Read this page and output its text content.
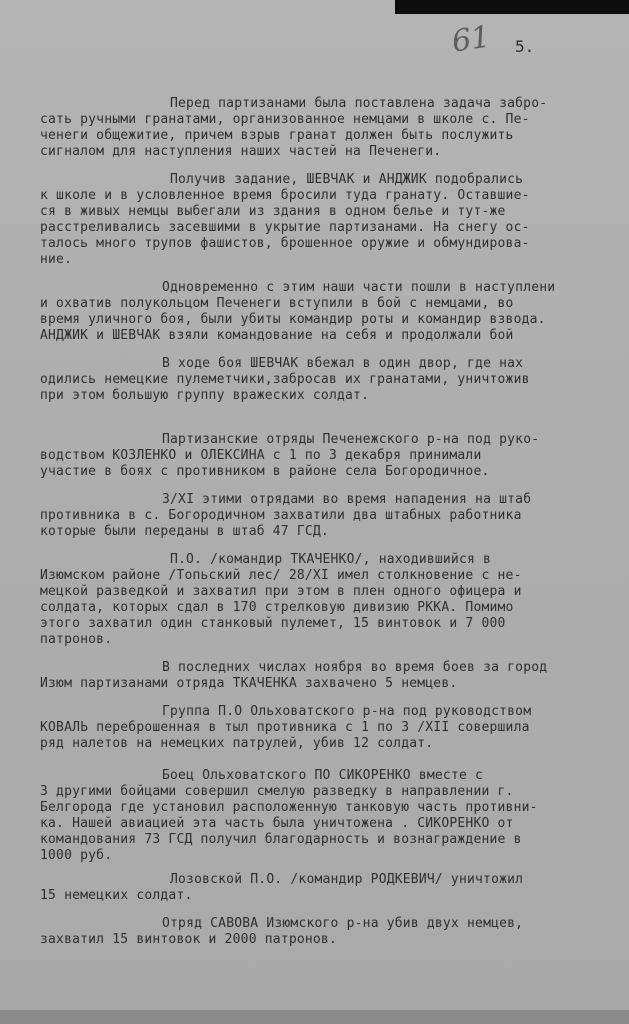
61 5.
Перед партизанами была поставлена задача забро-
сать ручными гранатами, организованное немцами в школе с. Пе-
ченеги общежитие, причем взрыв гранат должен быть послужить
сигналом для наступления наших частей на Печенеги.
Получив задание, ШЕВЧАК и АНДЖИК подобрались
к школе и в условленное время бросили туда гранату. Оставшие-
ся в живых немцы выбегали из здания в одном белье и тут-же
расстреливались засевшими в укрытие партизанами. На снегу ос-
талось много трупов фашистов, брошенное оружие и обмундирова-
ние.
Одновременно с этим наши части пошли в наступлени
и охватив полукольцом Печенеги вступили в бой с немцами, во
время уличного боя, были убиты командир роты и командир взвода.
АНДЖИК и ШЕВЧАК взяли командование на себя и продолжали бой
В ходе боя ШЕВЧАК вбежал в один двор, где нах
одились немецкие пулеметчики,забросав их гранатами, уничтожив
при этом большую группу вражеских солдат.
Партизанские отряды Печенежского р-на под руко-
водством КОЗЛЕНКО и ОЛЕКСИНА с 1 по 3 декабря принимали
участие в боях с противником в районе села Богородичное.
3/XI этими отрядами во время нападения на штаб
противника в с. Богородичном захватили два штабных работника
которые были переданы в штаб 47 ГСД.
П.О. /командир ТКАЧЕНКО/, находившийся в
Изюмском районе /Топьский лес/ 28/XI имел столкновение с не-
мецкой разведкой и захватил при этом в плен одного офицера и
солдата, которых сдал в 170 стрелковую дивизию РККА. Помимо
этого захватил один станковый пулемет, 15 винтовок и 7 000
патронов.
В последних числах ноября во время боев за город
Изюм партизанами отряда ТКАЧЕНКА захвачено 5 немцев.
Группа П.О Ольховатского р-на под руководством
КОВАЛЬ переброшенная в тыл противника с 1 по 3 /XII совершила
ряд налетов на немецких патрулей, убив 12 солдат.
Боец Ольховатского ПО СИКОРЕНКО вместе с
3 другими бойцами совершил смелую разведку в направлении г.
Белгорода где установил расположенную танковую часть противни-
ка. Нашей авиацией эта часть была уничтожена . СИКОРЕНКО от
командования 73 ГСД получил благодарность и вознаграждение в
1000 руб.
Лозовской П.О. /командир РОДКЕВИЧ/ уничтожил
15 немецких солдат.
Отряд САВОВА Изюмского р-на убив двух немцев,
захватил 15 винтовок и 2000 патронов.
